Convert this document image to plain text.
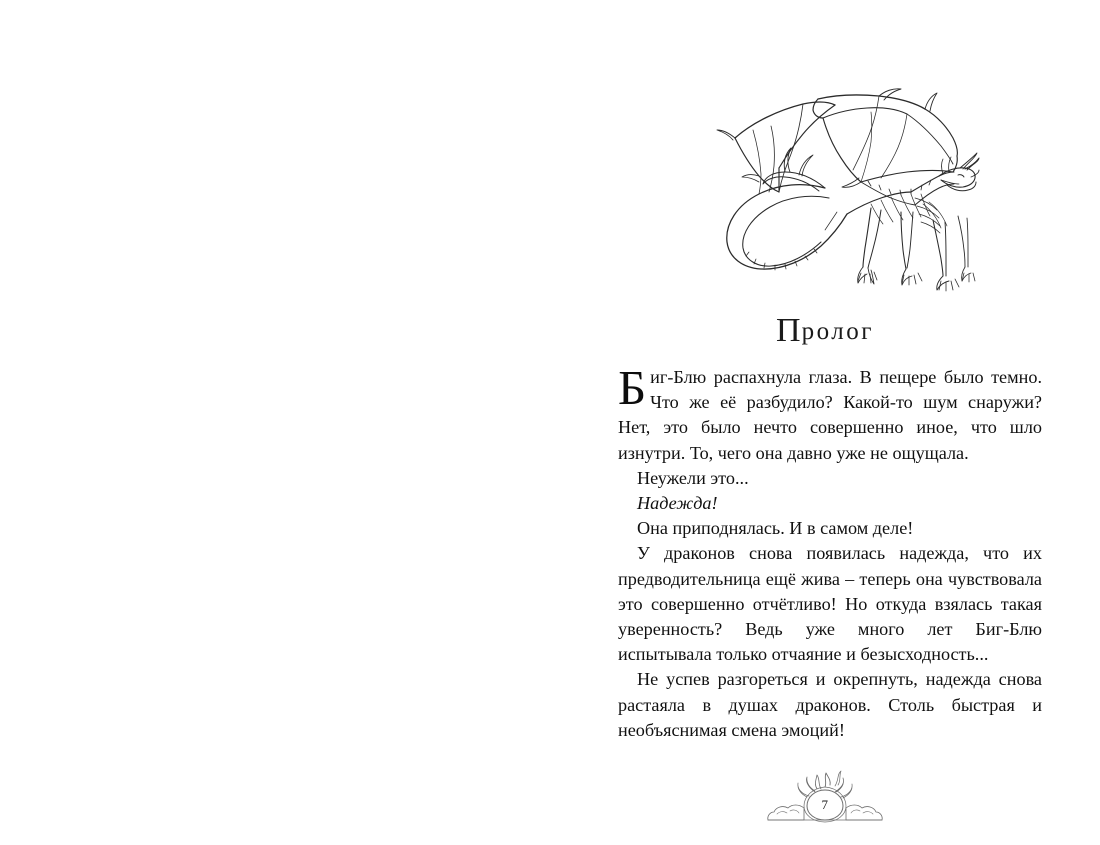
Пролог

Биг-Блю распахнула глаза. В пещере было темно. Что же её разбудило? Какой-то шум снаружи? Нет, это было нечто совершенно иное, что шло изнутри. То, чего она давно уже не ощущала.

Неужели это...

Надежда!

Она приподнялась. И в самом деле!

У драконов снова появилась надежда, что их предводительница ещё жива – теперь она чувствовала это совершенно отчётливо! Но откуда взялась такая уверенность? Ведь уже много лет Биг-Блю испытывала только отчаяние и безысходность...

Не успев разгореться и окрепнуть, надежда снова растаяла в душах драконов. Столь быстрая и необъяснимая смена эмоций!

7
